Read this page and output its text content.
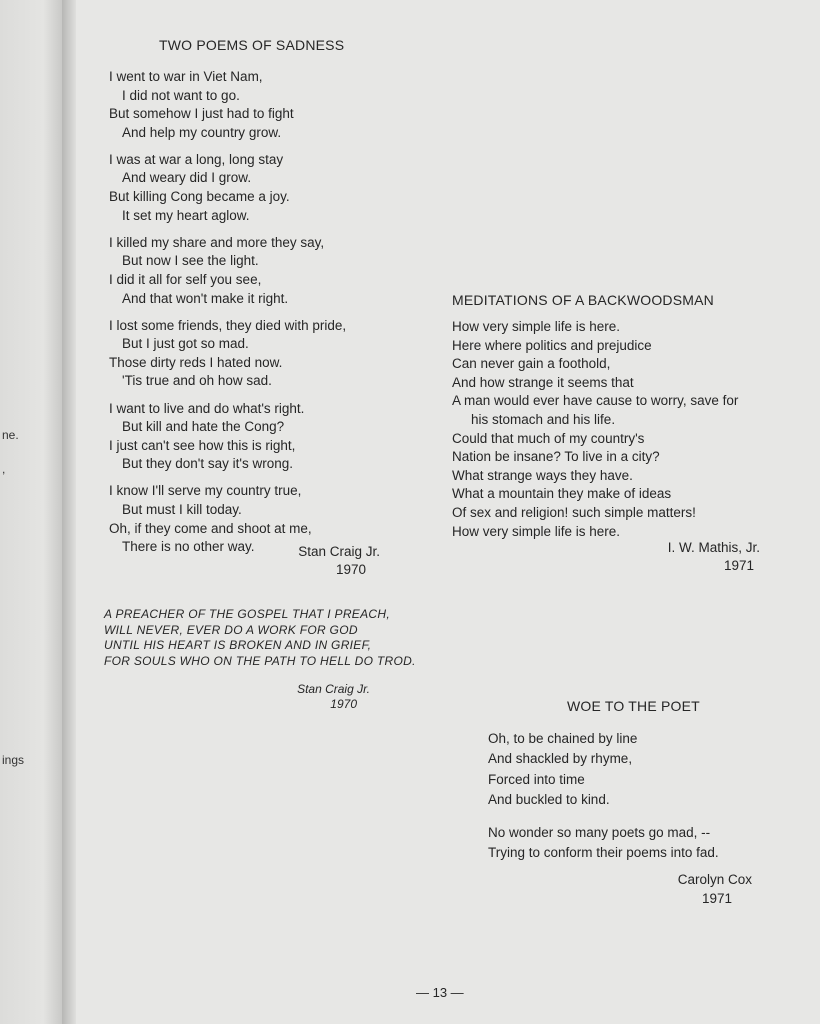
ne.
,
ings
TWO POEMS OF SADNESS
I went to war in Viet Nam,
I did not want to go.
But somehow I just had to fight
And help my country grow.
I was at war a long, long stay
And weary did I grow.
But killing Cong became a joy.
It set my heart aglow.
I killed my share and more they say,
But now I see the light.
I did it all for self you see,
And that won't make it right.
I lost some friends, they died with pride,
But I just got so mad.
Those dirty reds I hated now.
'Tis true and oh how sad.
I want to live and do what's right.
But kill and hate the Cong?
I just can't see how this is right,
But they don't say it's wrong.
I know I'll serve my country true,
But must I kill today.
Oh, if they come and shoot at me,
There is no other way.	Stan Craig Jr.
1970
MEDITATIONS OF A BACKWOODSMAN
How very simple life is here.
Here where politics and prejudice
Can never gain a foothold,
And how strange it seems that
A man would ever have cause to worry, save for
his stomach and his life.
Could that much of my country's
Nation be insane? To live in a city?
What strange ways they have.
What a mountain they make of ideas
Of sex and religion! such simple matters!
How very simple life is here.
I. W. Mathis, Jr.
1971
A PREACHER OF THE GOSPEL THAT I PREACH,
WILL NEVER, EVER DO A WORK FOR GOD
UNTIL HIS HEART IS BROKEN AND IN GRIEF,
FOR SOULS WHO ON THE PATH TO HELL DO TROD.
Stan Craig Jr.
1970	WOE TO THE POET
Oh, to be chained by line
And shackled by rhyme,
Forced into time
And buckled to kind.
No wonder so many poets go mad, --
Trying to conform their poems into fad.
Carolyn Cox
1971
— 13 —
